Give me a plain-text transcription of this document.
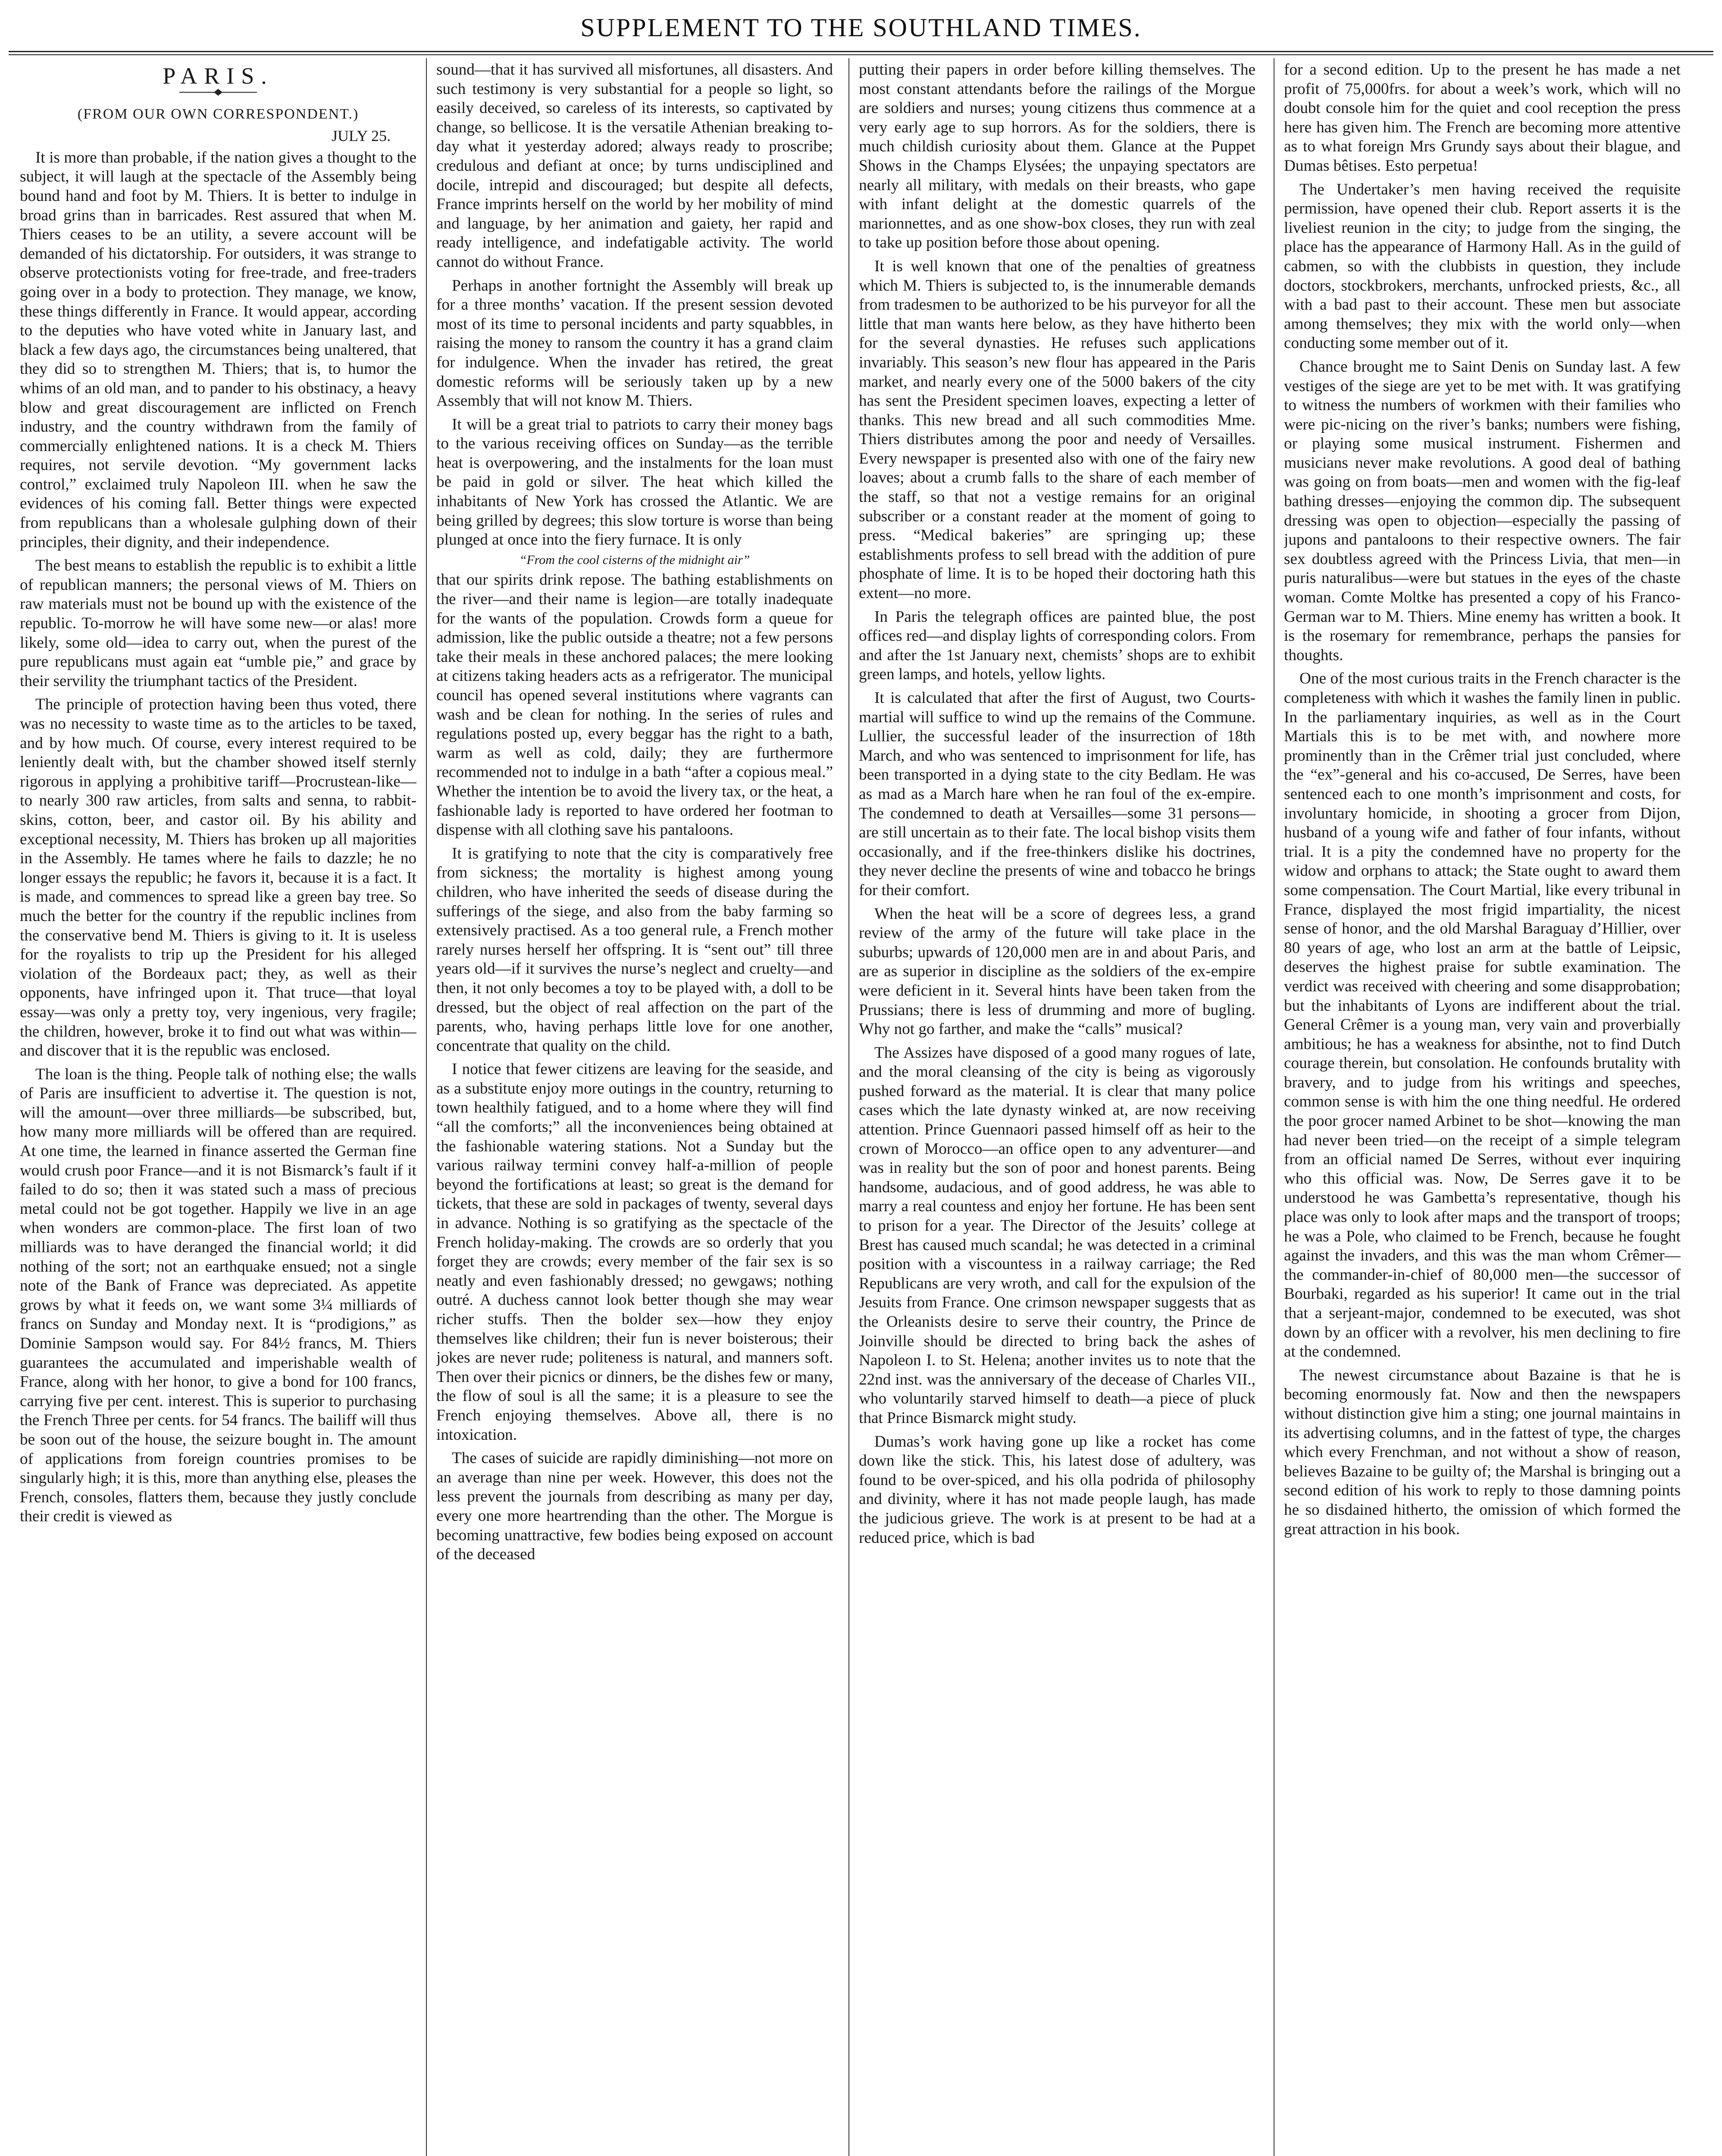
SUPPLEMENT TO THE SOUTHLAND TIMES.
PARIS.
(FROM OUR OWN CORRESPONDENT.)
JULY 25.

It is more than probable, if the nation gives a thought to the subject, it will laugh at the spectacle of the Assembly being bound hand and foot by M. Thiers. It is better to indulge in broad grins than in barricades. Rest assured that when M. Thiers ceases to be an utility, a severe account will be demanded of his dictatorship. For outsiders, it was strange to observe protectionists voting for free-trade, and free-traders going over in a body to protection. They manage, we know, these things differently in France. It would appear, according to the deputies who have voted white in January last, and black a few days ago, the circumstances being unaltered, that they did so to strengthen M. Thiers; that is, to humor the whims of an old man, and to pander to his obstinacy, a heavy blow and great discouragement are inflicted on French industry, and the country withdrawn from the family of commercially enlightened nations. It is a check M. Thiers requires, not servile devotion. “My government lacks control,” exclaimed truly Napoleon III. when he saw the evidences of his coming fall. Better things were expected from republicans than a wholesale gulphing down of their principles, their dignity, and their independence.

The best means to establish the republic is to exhibit a little of republican manners; the personal views of M. Thiers on raw materials must not be bound up with the existence of the republic. To-morrow he will have some new—or alas! more likely, some old—idea to carry out, when the purest of the pure republicans must again eat “umble pie,” and grace by their servility the triumphant tactics of the President.

The principle of protection having been thus voted, there was no necessity to waste time as to the articles to be taxed, and by how much. Of course, every interest required to be leniently dealt with, but the chamber showed itself sternly rigorous in applying a prohibitive tariff—Procrustean-like—to nearly 300 raw articles, from salts and senna, to rabbit-skins, cotton, beer, and castor oil. By his ability and exceptional necessity, M. Thiers has broken up all majorities in the Assembly. He tames where he fails to dazzle; he no longer essays the republic; he favors it, because it is a fact. It is made, and commences to spread like a green bay tree. So much the better for the country if the republic inclines from the conservative bend M. Thiers is giving to it. It is useless for the royalists to trip up the President for his alleged violation of the Bordeaux pact; they, as well as their opponents, have infringed upon it. That truce—that loyal essay—was only a pretty toy, very ingenious, very fragile; the children, however, broke it to find out what was within—and discover that it is the republic was enclosed.

The loan is the thing. People talk of nothing else; the walls of Paris are insufficient to advertise it. The question is not, will the amount—over three milliards—be subscribed, but, how many more milliards will be offered than are required. At one time, the learned in finance asserted the German fine would crush poor France—and it is not Bismarck’s fault if it failed to do so; then it was stated such a mass of precious metal could not be got together. Happily we live in an age when wonders are common-place. The first loan of two milliards was to have deranged the financial world; it did nothing of the sort; not an earthquake ensued; not a single note of the Bank of France was depreciated. As appetite grows by what it feeds on, we want some 3¼ milliards of francs on Sunday and Monday next. It is “prodigions,” as Dominie Sampson would say. For 84½ francs, M. Thiers guarantees the accumulated and imperishable wealth of France, along with her honor, to give a bond for 100 francs, carrying five per cent. interest. This is superior to purchasing the French Three per cents. for 54 francs. The bailiff will thus be soon out of the house, the seizure bought in. The amount of applications from foreign countries promises to be singularly high; it is this, more than anything else, pleases the French, consoles, flatters them, because they justly conclude their credit is viewed as

sound—that it has survived all misfortunes, all disasters. And such testimony is very substantial for a people so light, so easily deceived, so careless of its interests, so captivated by change, so bellicose. It is the versatile Athenian breaking to-day what it yesterday adored; always ready to proscribe; credulous and defiant at once; by turns undisciplined and docile, intrepid and discouraged; but despite all defects, France imprints herself on the world by her mobility of mind and language, by her animation and gaiety, her rapid and ready intelligence, and indefatigable activity. The world cannot do without France.

Perhaps in another fortnight the Assembly will break up for a three months’ vacation. If the present session devoted most of its time to personal incidents and party squabbles, in raising the money to ransom the country it has a grand claim for indulgence. When the invader has retired, the great domestic reforms will be seriously taken up by a new Assembly that will not know M. Thiers.

It will be a great trial to patriots to carry their money bags to the various receiving offices on Sunday—as the terrible heat is overpowering, and the instalments for the loan must be paid in gold or silver. The heat which killed the inhabitants of New York has crossed the Atlantic. We are being grilled by degrees; this slow torture is worse than being plunged at once into the fiery furnace. It is only

“From the cool cisterns of the midnight air”

that our spirits drink repose. The bathing establishments on the river—and their name is legion—are totally inadequate for the wants of the population. Crowds form a queue for admission, like the public outside a theatre; not a few persons take their meals in these anchored palaces; the mere looking at citizens taking headers acts as a refrigerator. The municipal council has opened several institutions where vagrants can wash and be clean for nothing. In the series of rules and regulations posted up, every beggar has the right to a bath, warm as well as cold, daily; they are furthermore recommended not to indulge in a bath “after a copious meal.” Whether the intention be to avoid the livery tax, or the heat, a fashionable lady is reported to have ordered her footman to dispense with all clothing save his pantaloons.

It is gratifying to note that the city is comparatively free from sickness; the mortality is highest among young children, who have inherited the seeds of disease during the sufferings of the siege, and also from the baby farming so extensively practised. As a too general rule, a French mother rarely nurses herself her offspring. It is “sent out” till three years old—if it survives the nurse’s neglect and cruelty—and then, it not only becomes a toy to be played with, a doll to be dressed, but the object of real affection on the part of the parents, who, having perhaps little love for one another, concentrate that quality on the child.

I notice that fewer citizens are leaving for the seaside, and as a substitute enjoy more outings in the country, returning to town healthily fatigued, and to a home where they will find “all the comforts;” all the inconveniences being obtained at the fashionable watering stations. Not a Sunday but the various railway termini convey half-a-million of people beyond the fortifications at least; so great is the demand for tickets, that these are sold in packages of twenty, several days in advance. Nothing is so gratifying as the spectacle of the French holiday-making. The crowds are so orderly that you forget they are crowds; every member of the fair sex is so neatly and even fashionably dressed; no gewgaws; nothing outré. A duchess cannot look better though she may wear richer stuffs. Then the bolder sex—how they enjoy themselves like children; their fun is never boisterous; their jokes are never rude; politeness is natural, and manners soft. Then over their picnics or dinners, be the dishes few or many, the flow of soul is all the same; it is a pleasure to see the French enjoying themselves. Above all, there is no intoxication.

The cases of suicide are rapidly diminishing—not more on an average than nine per week. However, this does not the less prevent the journals from describing as many per day, every one more heartrending than the other. The Morgue is becoming unattractive, few bodies being exposed on account of the deceased

putting their papers in order before killing themselves. The most constant attendants before the railings of the Morgue are soldiers and nurses; young citizens thus commence at a very early age to sup horrors. As for the soldiers, there is much childish curiosity about them. Glance at the Puppet Shows in the Champs Elysées; the unpaying spectators are nearly all military, with medals on their breasts, who gape with infant delight at the domestic quarrels of the marionnettes, and as one show-box closes, they run with zeal to take up position before those about opening.

It is well known that one of the penalties of greatness which M. Thiers is subjected to, is the innumerable demands from tradesmen to be authorized to be his purveyor for all the little that man wants here below, as they have hitherto been for the several dynasties. He refuses such applications invariably. This season’s new flour has appeared in the Paris market, and nearly every one of the 5000 bakers of the city has sent the President specimen loaves, expecting a letter of thanks. This new bread and all such commodities Mme. Thiers distributes among the poor and needy of Versailles. Every newspaper is presented also with one of the fairy new loaves; about a crumb falls to the share of each member of the staff, so that not a vestige remains for an original subscriber or a constant reader at the moment of going to press. “Medical bakeries” are springing up; these establishments profess to sell bread with the addition of pure phosphate of lime. It is to be hoped their doctoring hath this extent—no more.

In Paris the telegraph offices are painted blue, the post offices red—and display lights of corresponding colors. From and after the 1st January next, chemists’ shops are to exhibit green lamps, and hotels, yellow lights.

It is calculated that after the first of August, two Courts-martial will suffice to wind up the remains of the Commune. Lullier, the successful leader of the insurrection of 18th March, and who was sentenced to imprisonment for life, has been transported in a dying state to the city Bedlam. He was as mad as a March hare when he ran foul of the ex-empire. The condemned to death at Versailles—some 31 persons—are still uncertain as to their fate. The local bishop visits them occasionally, and if the free-thinkers dislike his doctrines, they never decline the presents of wine and tobacco he brings for their comfort.

When the heat will be a score of degrees less, a grand review of the army of the future will take place in the suburbs; upwards of 120,000 men are in and about Paris, and are as superior in discipline as the soldiers of the ex-empire were deficient in it. Several hints have been taken from the Prussians; there is less of drumming and more of bugling. Why not go farther, and make the “calls” musical?

The Assizes have disposed of a good many rogues of late, and the moral cleansing of the city is being as vigorously pushed forward as the material. It is clear that many police cases which the late dynasty winked at, are now receiving attention. Prince Guennaori passed himself off as heir to the crown of Morocco—an office open to any adventurer—and was in reality but the son of poor and honest parents. Being handsome, audacious, and of good address, he was able to marry a real countess and enjoy her fortune. He has been sent to prison for a year. The Director of the Jesuits’ college at Brest has caused much scandal; he was detected in a criminal position with a viscountess in a railway carriage; the Red Republicans are very wroth, and call for the expulsion of the Jesuits from France. One crimson newspaper suggests that as the Orleanists desire to serve their country, the Prince de Joinville should be directed to bring back the ashes of Napoleon I. to St. Helena; another invites us to note that the 22nd inst. was the anniversary of the decease of Charles VII., who voluntarily starved himself to death—a piece of pluck that Prince Bismarck might study.

Dumas’s work having gone up like a rocket has come down like the stick. This, his latest dose of adultery, was found to be over-spiced, and his olla podrida of philosophy and divinity, where it has not made people laugh, has made the judicious grieve. The work is at present to be had at a reduced price, which is bad

for a second edition. Up to the present he has made a net profit of 75,000frs. for about a week’s work, which will no doubt console him for the quiet and cool reception the press here has given him. The French are becoming more attentive as to what foreign Mrs Grundy says about their blague, and Dumas bêtises. Esto perpetua!

The Undertaker’s men having received the requisite permission, have opened their club. Report asserts it is the liveliest reunion in the city; to judge from the singing, the place has the appearance of Harmony Hall. As in the guild of cabmen, so with the clubbists in question, they include doctors, stockbrokers, merchants, unfrocked priests, &c., all with a bad past to their account. These men but associate among themselves; they mix with the world only—when conducting some member out of it.

Chance brought me to Saint Denis on Sunday last. A few vestiges of the siege are yet to be met with. It was gratifying to witness the numbers of workmen with their families who were pic-nicing on the river’s banks; numbers were fishing, or playing some musical instrument. Fishermen and musicians never make revolutions. A good deal of bathing was going on from boats—men and women with the fig-leaf bathing dresses—enjoying the common dip. The subsequent dressing was open to objection—especially the passing of jupons and pantaloons to their respective owners. The fair sex doubtless agreed with the Princess Livia, that men—in puris naturalibus—were but statues in the eyes of the chaste woman. Comte Moltke has presented a copy of his Franco-German war to M. Thiers. Mine enemy has written a book. It is the rosemary for remembrance, perhaps the pansies for thoughts.

One of the most curious traits in the French character is the completeness with which it washes the family linen in public. In the parliamentary inquiries, as well as in the Court Martials this is to be met with, and nowhere more prominently than in the Crêmer trial just concluded, where the “ex”-general and his co-accused, De Serres, have been sentenced each to one month’s imprisonment and costs, for involuntary homicide, in shooting a grocer from Dijon, husband of a young wife and father of four infants, without trial. It is a pity the condemned have no property for the widow and orphans to attack; the State ought to award them some compensation. The Court Martial, like every tribunal in France, displayed the most frigid impartiality, the nicest sense of honor, and the old Marshal Baraguay d’Hillier, over 80 years of age, who lost an arm at the battle of Leipsic, deserves the highest praise for subtle examination. The verdict was received with cheering and some disapprobation; but the inhabitants of Lyons are indifferent about the trial. General Crêmer is a young man, very vain and proverbially ambitious; he has a weakness for absinthe, not to find Dutch courage therein, but consolation. He confounds brutality with bravery, and to judge from his writings and speeches, common sense is with him the one thing needful. He ordered the poor grocer named Arbinet to be shot—knowing the man had never been tried—on the receipt of a simple telegram from an official named De Serres, without ever inquiring who this official was. Now, De Serres gave it to be understood he was Gambetta’s representative, though his place was only to look after maps and the transport of troops; he was a Pole, who claimed to be French, because he fought against the invaders, and this was the man whom Crêmer—the commander-in-chief of 80,000 men—the successor of Bourbaki, regarded as his superior! It came out in the trial that a serjeant-major, condemned to be executed, was shot down by an officer with a revolver, his men declining to fire at the condemned.

The newest circumstance about Bazaine is that he is becoming enormously fat. Now and then the newspapers without distinction give him a sting; one journal maintains in its advertising columns, and in the fattest of type, the charges which every Frenchman, and not without a show of reason, believes Bazaine to be guilty of; the Marshal is bringing out a second edition of his work to reply to those damning points he so disdained hitherto, the omission of which formed the great attraction in his book.
